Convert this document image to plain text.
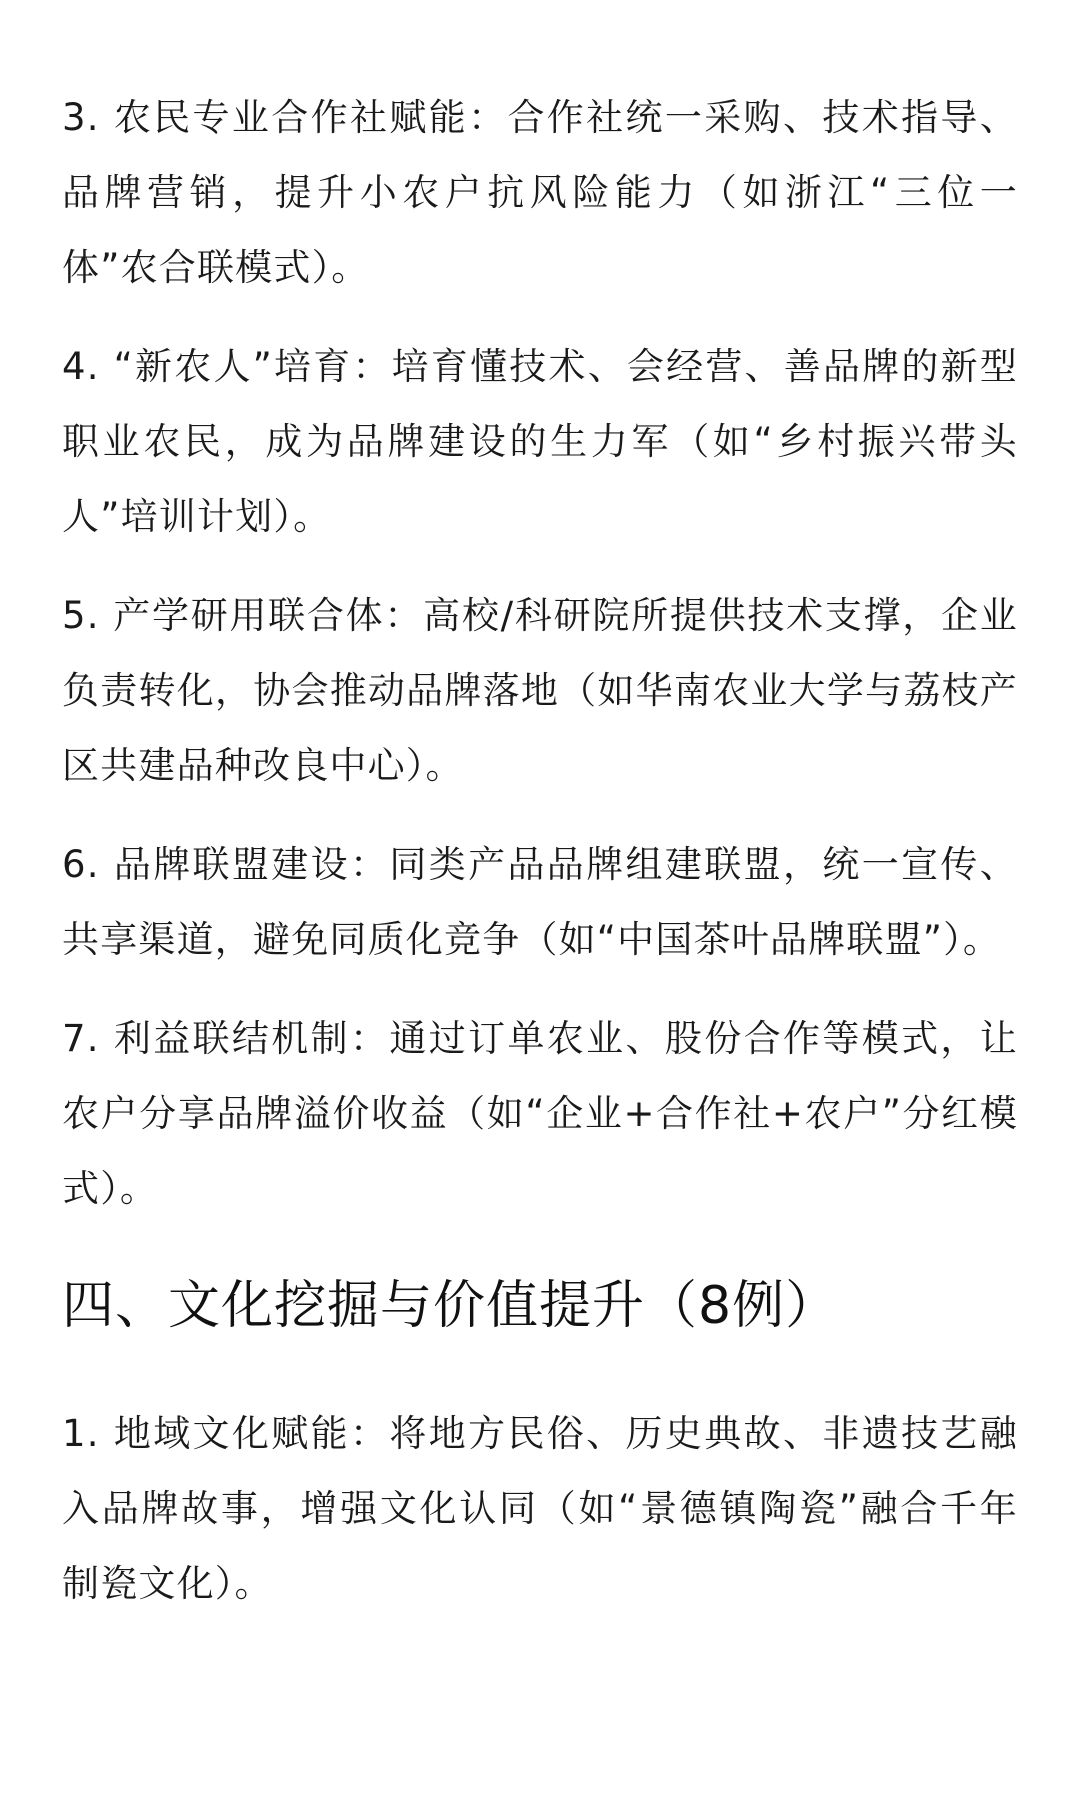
3. 农民专业合作社赋能：合作社统一采购、技术指导、品牌营销，提升小农户抗风险能力（如浙江“三位一体”农合联模式）。

4. “新农人”培育：培育懂技术、会经营、善品牌的新型职业农民，成为品牌建设的生力军（如“乡村振兴带头人”培训计划）。

5. 产学研用联合体：高校/科研院所提供技术支撑，企业负责转化，协会推动品牌落地（如华南农业大学与荔枝产区共建品种改良中心）。

6. 品牌联盟建设：同类产品品牌组建联盟，统一宣传、共享渠道，避免同质化竞争（如“中国茶叶品牌联盟”）。

7. 利益联结机制：通过订单农业、股份合作等模式，让农户分享品牌溢价收益（如“企业+合作社+农户”分红模式）。

四、文化挖掘与价值提升（8例）

1. 地域文化赋能：将地方民俗、历史典故、非遗技艺融入品牌故事，增强文化认同（如“景德镇陶瓷”融合千年制瓷文化）。
